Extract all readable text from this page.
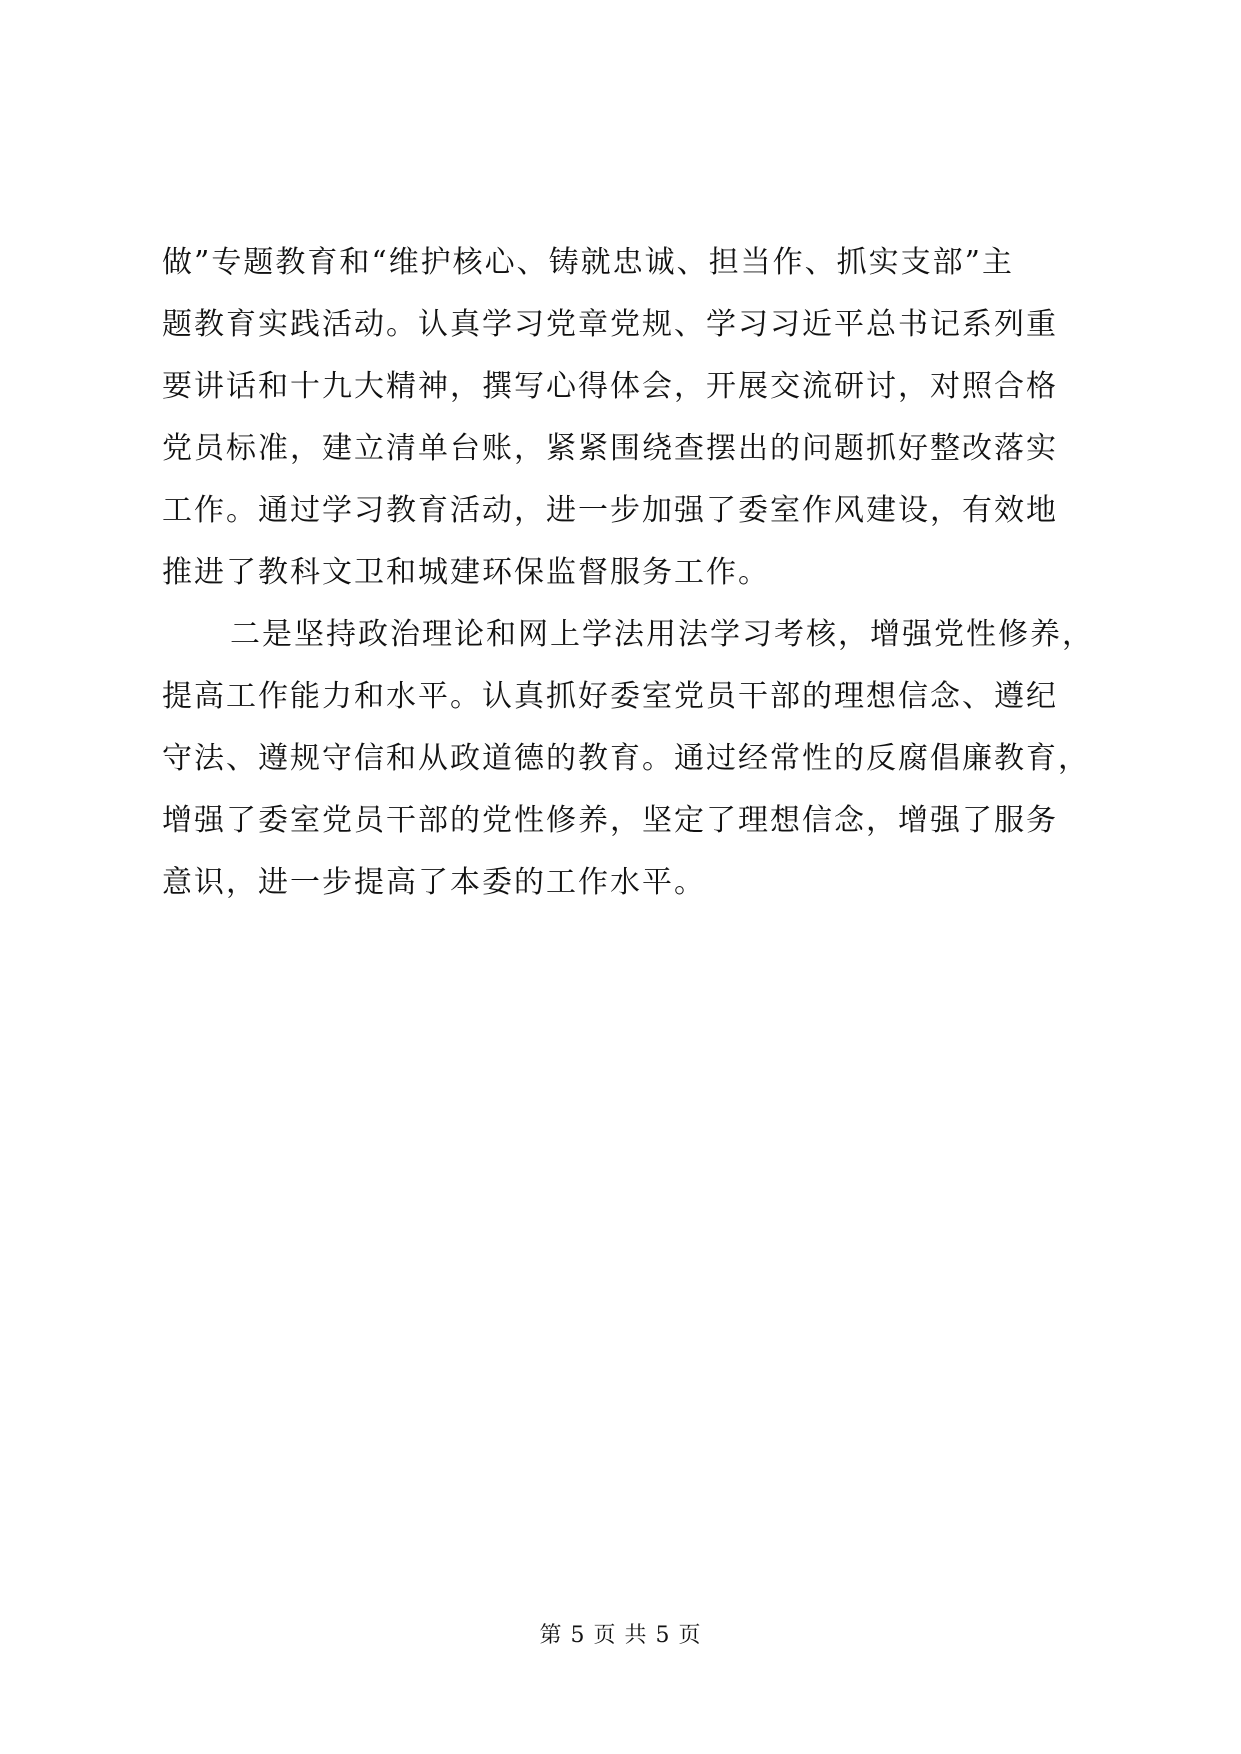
做”专题教育和“维护核心、铸就忠诚、担当作、抓实支部”主
题教育实践活动。认真学习党章党规、学习习近平总书记系列重
要讲话和十九大精神，撰写心得体会，开展交流研讨，对照合格
党员标准，建立清单台账，紧紧围绕查摆出的问题抓好整改落实
工作。通过学习教育活动，进一步加强了委室作风建设，有效地
推进了教科文卫和城建环保监督服务工作。
二是坚持政治理论和网上学法用法学习考核，增强党性修养，
提高工作能力和水平。认真抓好委室党员干部的理想信念、遵纪
守法、遵规守信和从政道德的教育。通过经常性的反腐倡廉教育，
增强了委室党员干部的党性修养，坚定了理想信念，增强了服务
意识，进一步提高了本委的工作水平。
第 5 页 共 5 页
